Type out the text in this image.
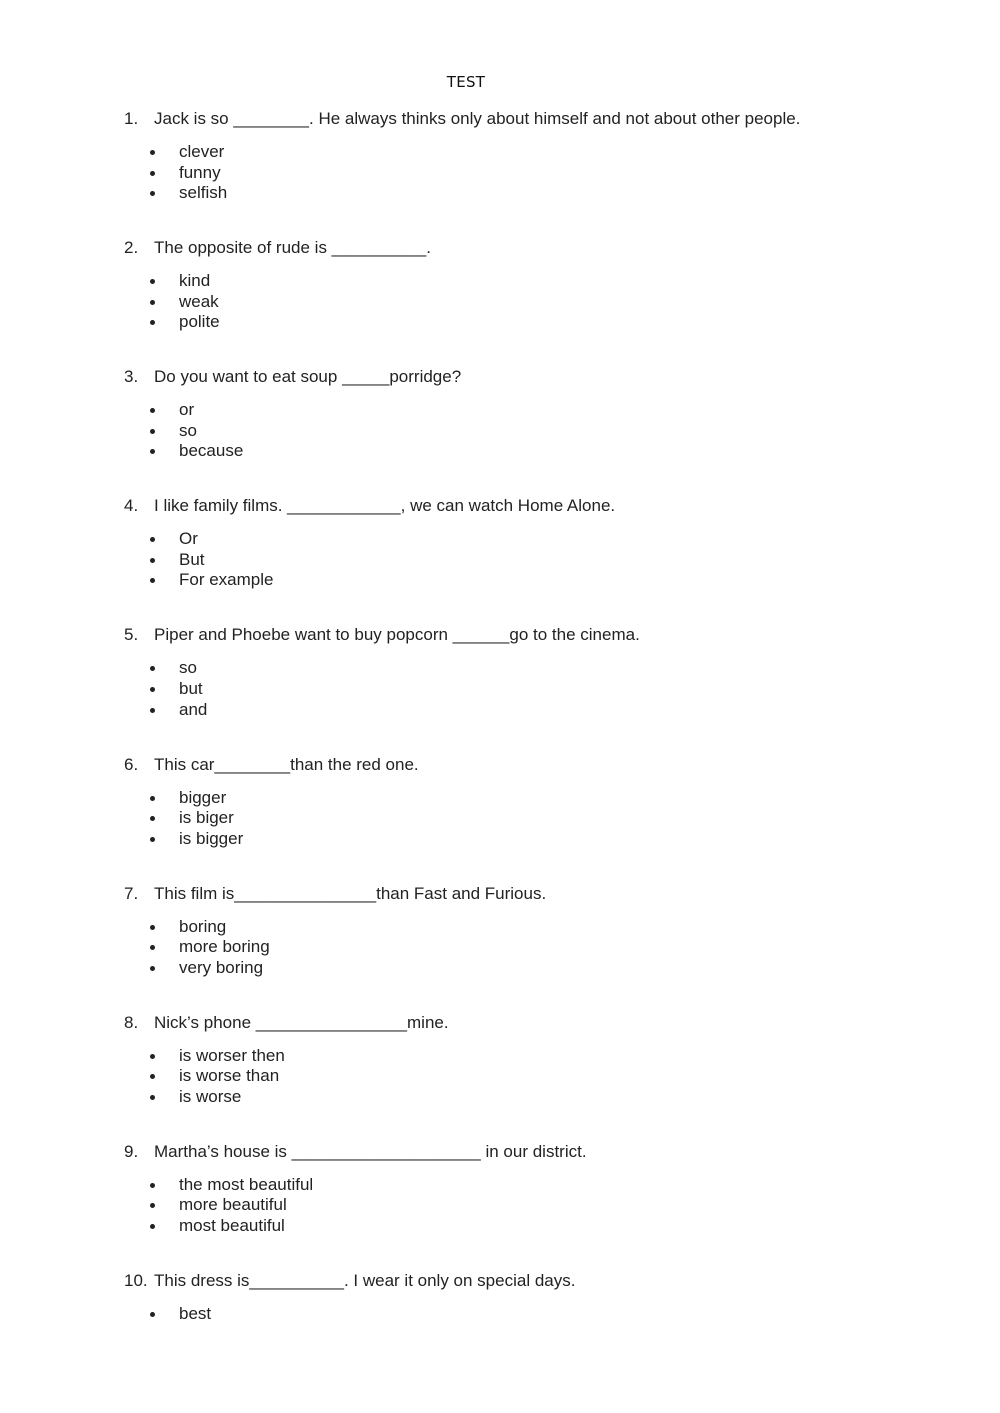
TEST
1. Jack is so ________. He always thinks only about himself and not about other people.
clever
funny
selfish
2. The opposite of rude is __________.
kind
weak
polite
3. Do you want to eat soup _____porridge?
or
so
because
4. I like family films. ____________, we can watch Home Alone.
Or
But
For example
5. Piper and Phoebe want to buy popcorn ______go to the cinema.
so
but
and
6. This car________than the red one.
bigger
is biger
is bigger
7. This film is_______________than Fast and Furious.
boring
more boring
very boring
8. Nick’s phone ________________mine.
is worser then
is worse than
is worse
9. Martha’s house is ____________________ in our district.
the most beautiful
more beautiful
most beautiful
10. This dress is__________. I wear it only on special days.
best
